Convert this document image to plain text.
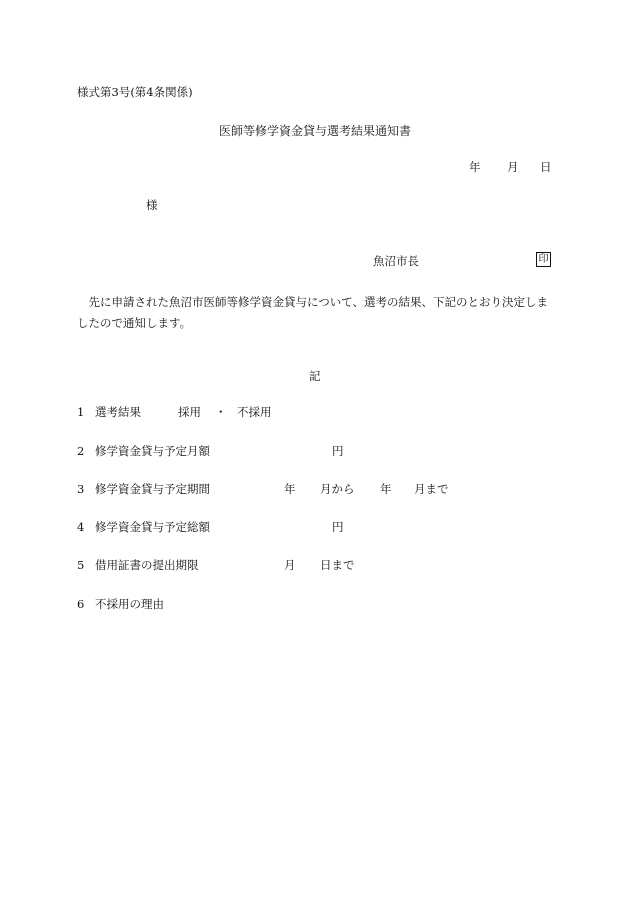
様式第3号(第4条関係)
医師等修学資金貸与選考結果通知書
年 月 日
様
魚沼市長	印
先に申請された魚沼市医師等修学資金貸与について、選考の結果、下記のとおり決定しましたので通知します。
記
1 選考結果	採用 ・ 不採用
2 修学資金貸与予定月額	円
3 修学資金貸与予定期間	年 月から 年 月まで
4 修学資金貸与予定総額	円
5 借用証書の提出期限	月 日まで
6 不採用の理由
